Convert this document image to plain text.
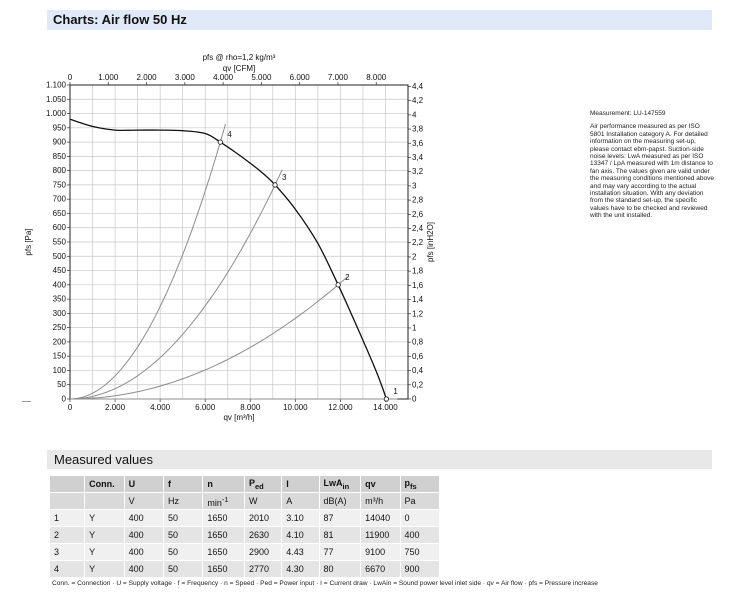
Charts: Air flow 50 Hz
0
50
100
150
200
250
300
350
400
450
500
550
600
650
700
750
800
850
900
950
1.000
1.050
1.100
0
0,2
0,4
0,6
0,8
1
1,2
1,4
1,6
1,8
2
2,2
2,4
2,6
2,8
3
3,2
3,4
3,6
3,8
4
4,2
4,4
0	2.000	4.000	6.000	8.000	10.000	12.000	14.000
0	1.000 2.000 3.000 4.000 5.000 6.000 7.000 8.000
pfs @ rho=1,2 kg/m³
qv [CFM]
qv [m³/h]
pfs [Pa]	pfs [inH2O]
1
2
3
4

Measurement: LU-147559

Air performance measured as per ISO 5801 Installation category A. For detailed information on the measuring set-up, please contact ebm-papst. Suction-side noise levels: LwA measured as per ISO 13347 / LpA measured with 1m distance to fan axis. The values given are valid under the measuring conditions mentioned above and may vary according to the actual installation situation. With any deviation from the standard set-up, the specific values have to be checked and reviewed with the unit installed.

Measured values
	Conn.	U	f	n	$P_{ed}$	I	LwA$_{in}$	qv	$p_{fs}$
		V	Hz	$\min^{-1}$	W	A	dB(A)	m³/h	Pa
1	Y	400	50	1650	2010	3.10	87	14040	0
2	Y	400	50	1650	2630	4.10	81	11900	400
3	Y	400	50	1650	2900	4.43	77	9100	750
4	Y	400	50	1650	2770	4.30	80	6670	900
Conn. = Connection · U = Supply voltage · f = Frequency · n = Speed · Ped = Power input · I = Current draw · LwAin = Sound power level inlet side · qv = Air flow · pfs = Pressure increase
